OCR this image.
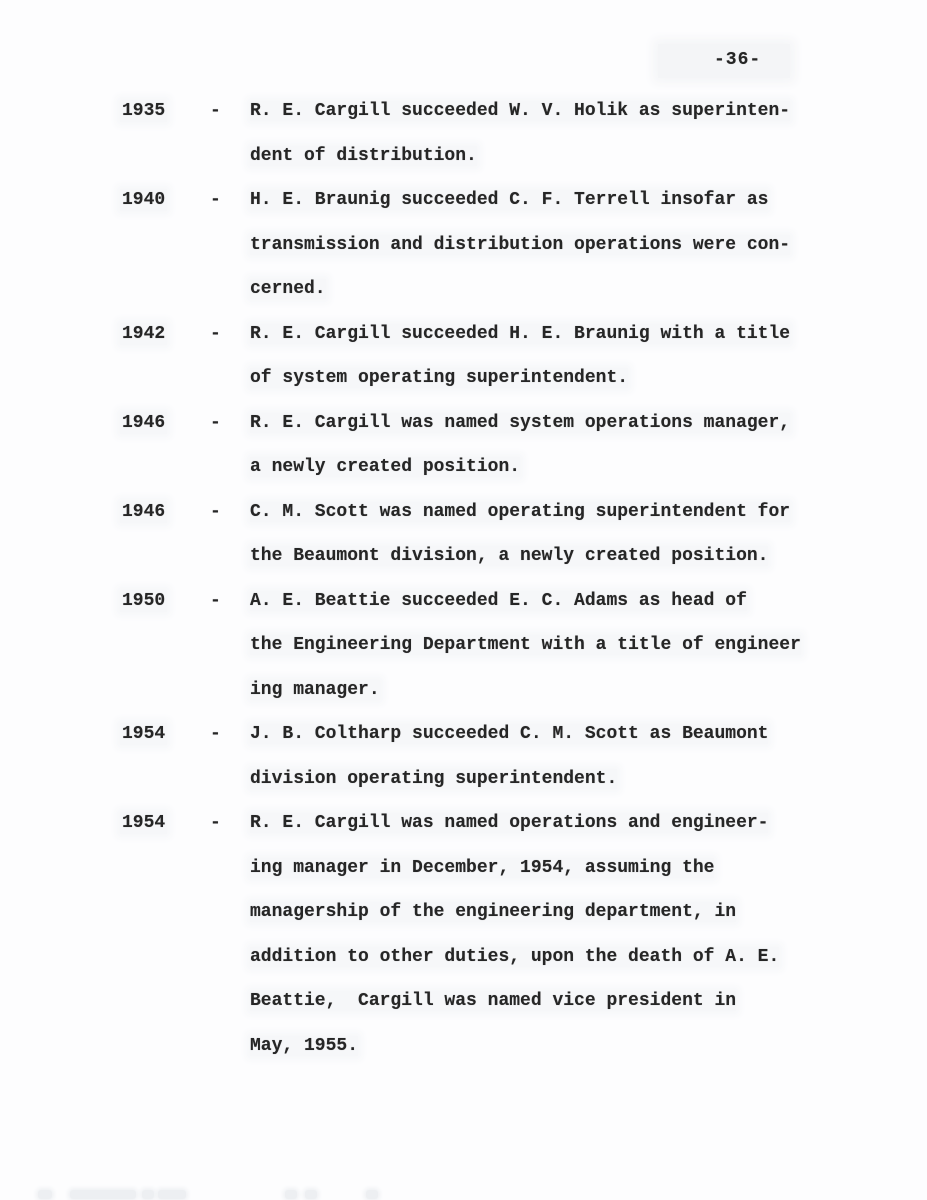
-36-
1935	-	R. E. Cargill succeeded W. V. Holik as superinten-
dent of distribution.
1940	-	H. E. Braunig succeeded C. F. Terrell insofar as
transmission and distribution operations were con-
cerned.
1942	-	R. E. Cargill succeeded H. E. Braunig with a title
of system operating superintendent.
1946	-	R. E. Cargill was named system operations manager,
a newly created position.
1946	-	C. M. Scott was named operating superintendent for
the Beaumont division, a newly created position.
1950	-	A. E. Beattie succeeded E. C. Adams as head of
the Engineering Department with a title of engineer
ing manager.
1954	-	J. B. Coltharp succeeded C. M. Scott as Beaumont
division operating superintendent.
1954	-	R. E. Cargill was named operations and engineer-
ing manager in December, 1954, assuming the
managership of the engineering department, in
addition to other duties, upon the death of A. E.
Beattie,  Cargill was named vice president in
May, 1955.
